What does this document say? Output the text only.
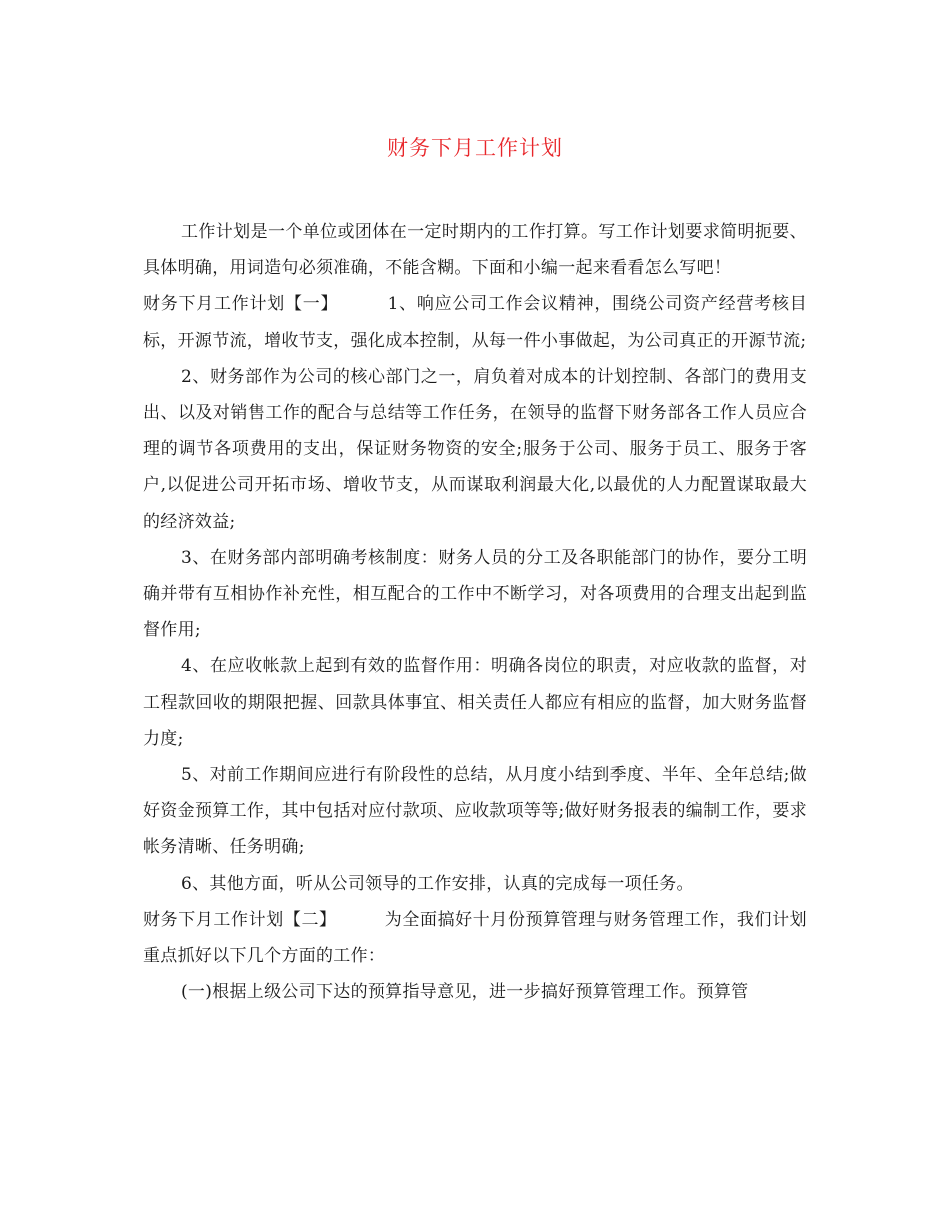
财务下月工作计划

工作计划是一个单位或团体在一定时期内的工作打算。写工作计划要求简明扼要、具体明确，用词造句必须准确，不能含糊。下面和小编一起来看看怎么写吧！

财务下月工作计划【一】	1、响应公司工作会议精神，围绕公司资产经营考核目标，开源节流，增收节支，强化成本控制，从每一件小事做起，为公司真正的开源节流;

2、财务部作为公司的核心部门之一，肩负着对成本的计划控制、各部门的费用支出、以及对销售工作的配合与总结等工作任务，在领导的监督下财务部各工作人员应合理的调节各项费用的支出，保证财务物资的安全;服务于公司、服务于员工、服务于客户,以促进公司开拓市场、增收节支，从而谋取利润最大化,以最优的人力配置谋取最大的经济效益;

3、在财务部内部明确考核制度：财务人员的分工及各职能部门的协作，要分工明确并带有互相协作补充性，相互配合的工作中不断学习，对各项费用的合理支出起到监督作用;

4、在应收帐款上起到有效的监督作用：明确各岗位的职责，对应收款的监督，对工程款回收的期限把握、回款具体事宜、相关责任人都应有相应的监督，加大财务监督力度;

5、对前工作期间应进行有阶段性的总结，从月度小结到季度、半年、全年总结;做好资金预算工作，其中包括对应付款项、应收款项等等;做好财务报表的编制工作，要求帐务清晰、任务明确;

6、其他方面，听从公司领导的工作安排，认真的完成每一项任务。

财务下月工作计划【二】	为全面搞好十月份预算管理与财务管理工作，我们计划重点抓好以下几个方面的工作：

(一)根据上级公司下达的预算指导意见，进一步搞好预算管理工作。预算管
